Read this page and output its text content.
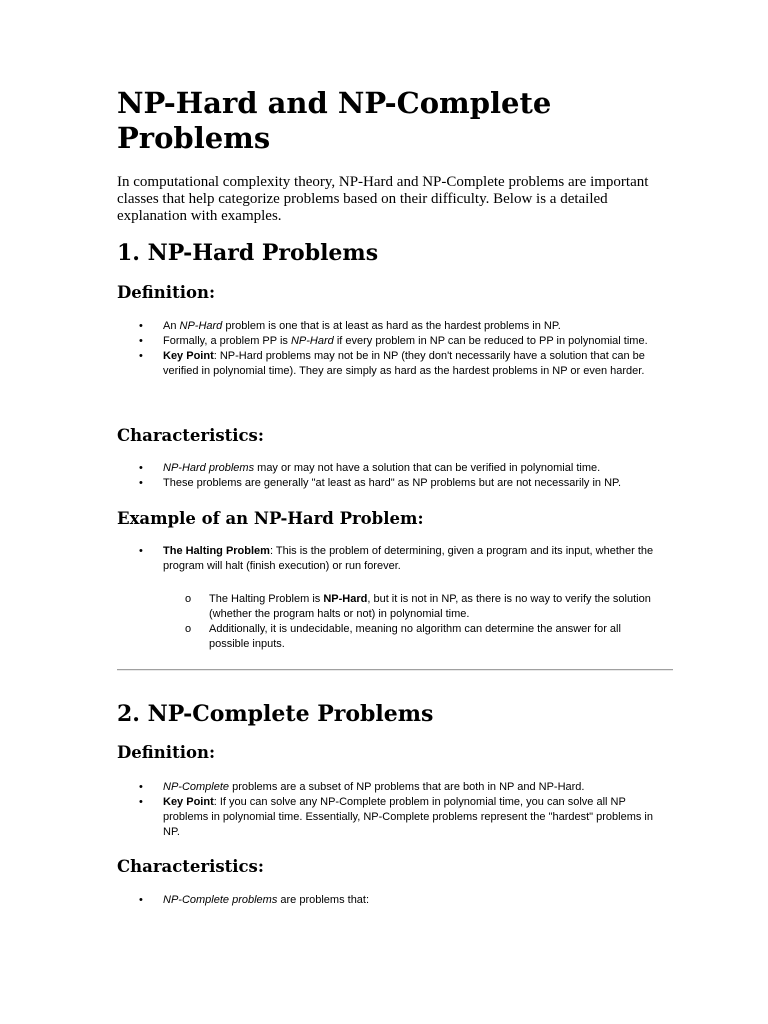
NP-Hard and NP-Complete Problems

In computational complexity theory, NP-Hard and NP-Complete problems are important classes that help categorize problems based on their difficulty. Below is a detailed explanation with examples.

1. NP-Hard Problems
Definition:
• An NP-Hard problem is one that is at least as hard as the hardest problems in NP.
• Formally, a problem PP is NP-Hard if every problem in NP can be reduced to PP in polynomial time.
• Key Point: NP-Hard problems may not be in NP (they don't necessarily have a solution that can be verified in polynomial time). They are simply as hard as the hardest problems in NP or even harder.
Characteristics:
• NP-Hard problems may or may not have a solution that can be verified in polynomial time.
• These problems are generally "at least as hard" as NP problems but are not necessarily in NP.
Example of an NP-Hard Problem:
• The Halting Problem: This is the problem of determining, given a program and its input, whether the program will halt (finish execution) or run forever.
o The Halting Problem is NP-Hard, but it is not in NP, as there is no way to verify the solution (whether the program halts or not) in polynomial time.
o Additionally, it is undecidable, meaning no algorithm can determine the answer for all possible inputs.
2. NP-Complete Problems
Definition:
• NP-Complete problems are a subset of NP problems that are both in NP and NP-Hard.
• Key Point: If you can solve any NP-Complete problem in polynomial time, you can solve all NP problems in polynomial time. Essentially, NP-Complete problems represent the "hardest" problems in NP.
Characteristics:
• NP-Complete problems are problems that:
